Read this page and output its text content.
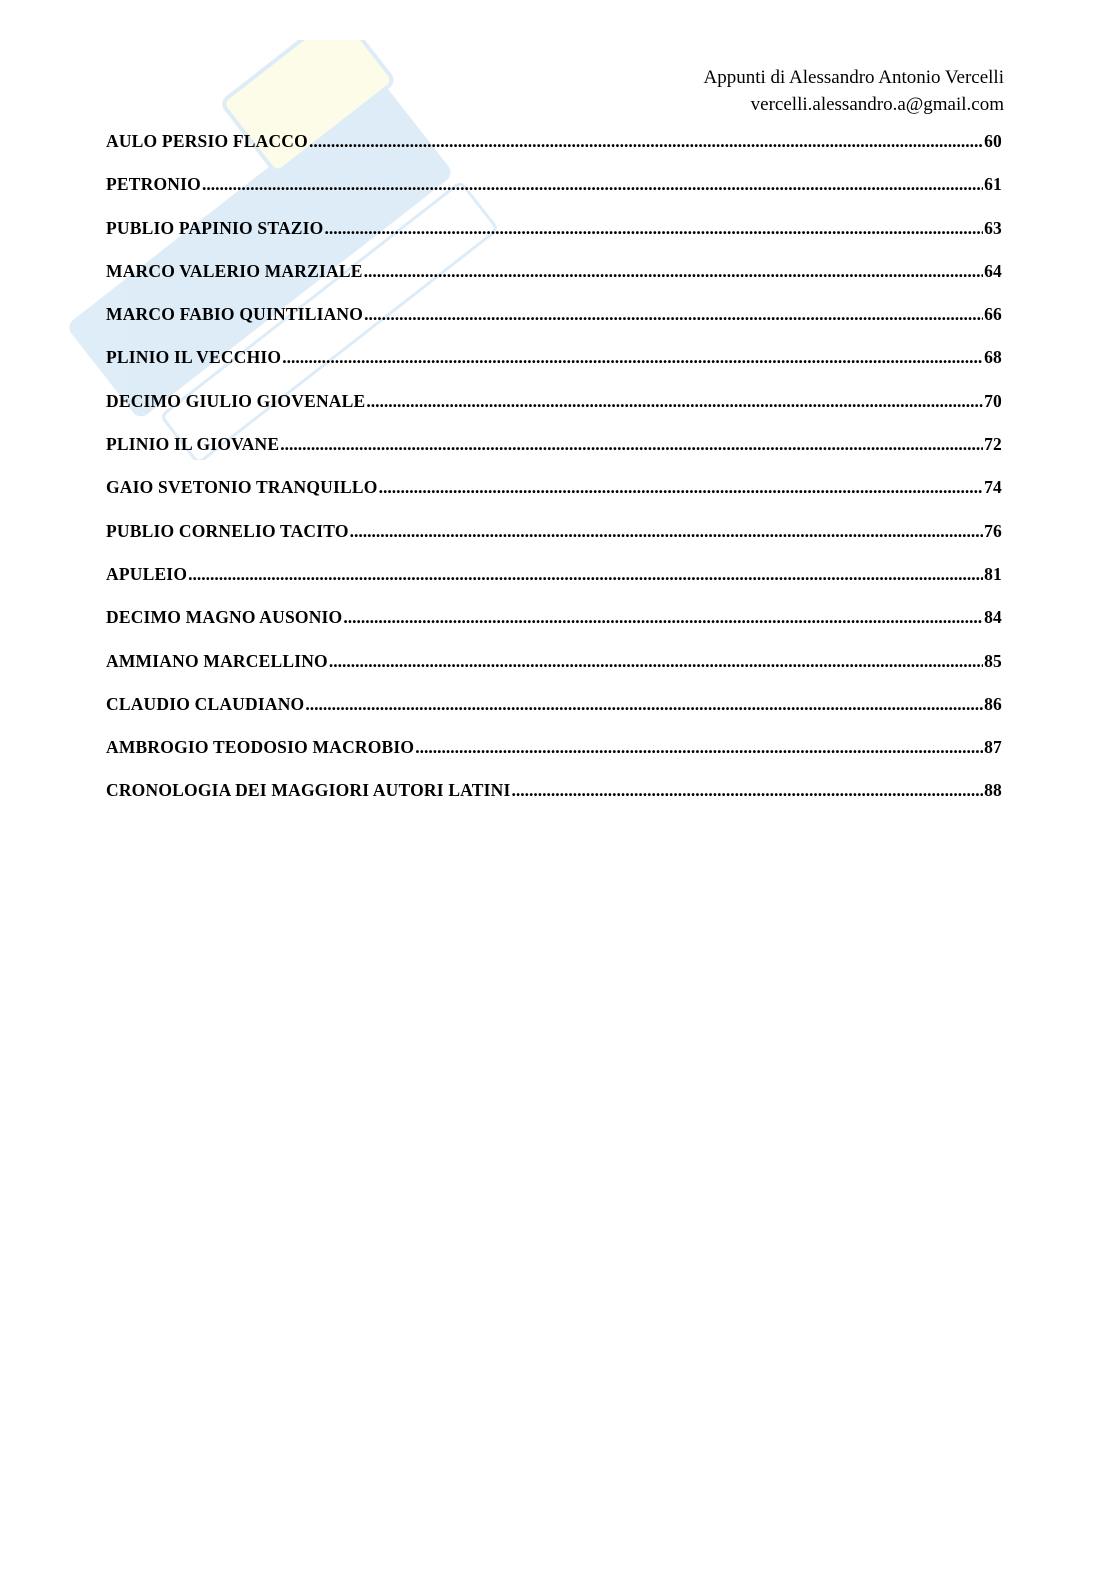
Appunti di Alessandro Antonio Vercelli
vercelli.alessandro.a@gmail.com
AULO PERSIO FLACCO .....	60
PETRONIO .....	61
PUBLIO PAPINIO STAZIO .....	63
MARCO VALERIO MARZIALE .....	64
MARCO FABIO QUINTILIANO .....	66
PLINIO IL VECCHIO .....	68
DECIMO GIULIO GIOVENALE .....	70
PLINIO IL GIOVANE .....	72
GAIO SVETONIO TRANQUILLO .....	74
PUBLIO CORNELIO TACITO .....	76
APULEIO .....	81
DECIMO MAGNO AUSONIO .....	84
AMMIANO MARCELLINO .....	85
CLAUDIO CLAUDIANO .....	86
AMBROGIO TEODOSIO MACROBIO .....	87
CRONOLOGIA DEI MAGGIORI AUTORI LATINI .....	88
